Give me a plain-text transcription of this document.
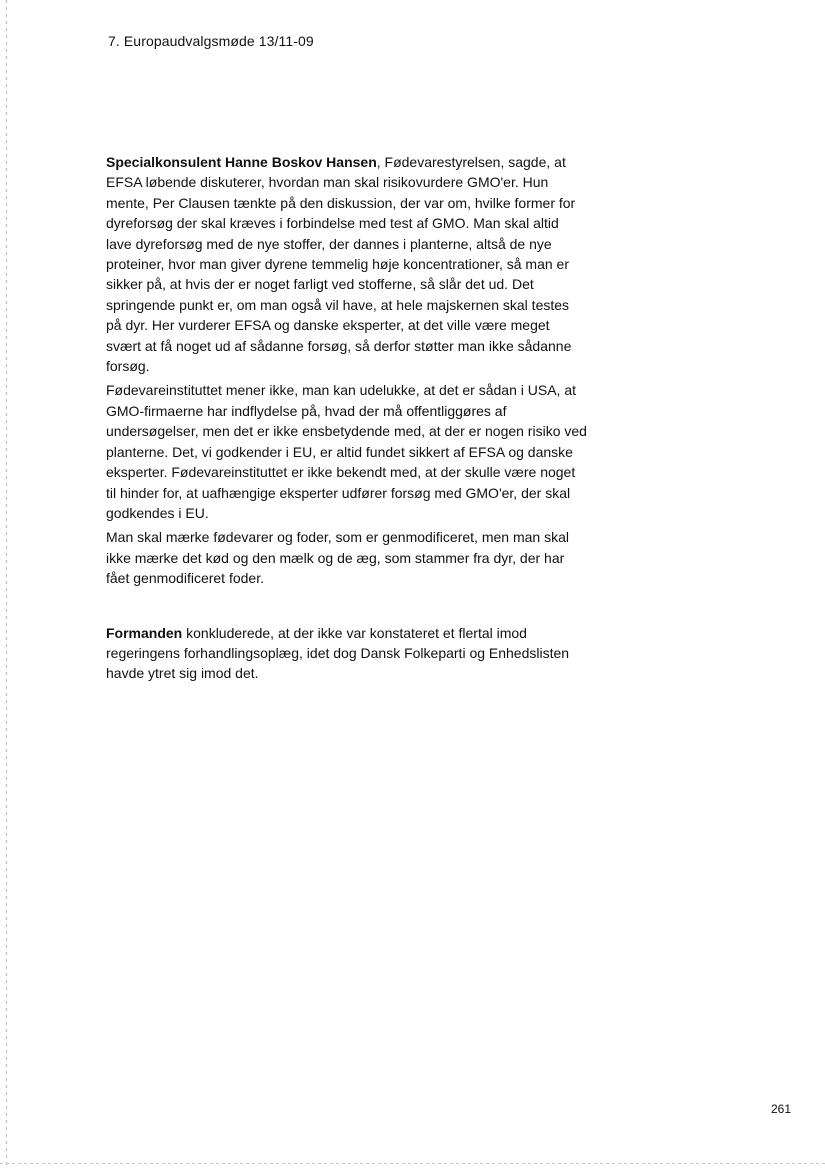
7. Europaudvalgsmøde 13/11-09

Specialkonsulent Hanne Boskov Hansen, Fødevarestyrelsen, sagde, at EFSA løbende diskuterer, hvordan man skal risikovurdere GMO'er. Hun mente, Per Clausen tænkte på den diskussion, der var om, hvilke former for dyreforsøg der skal kræves i forbindelse med test af GMO. Man skal altid lave dyreforsøg med de nye stoffer, der dannes i planterne, altså de nye proteiner, hvor man giver dyrene temmelig høje koncentrationer, så man er sikker på, at hvis der er noget farligt ved stofferne, så slår det ud. Det springende punkt er, om man også vil have, at hele majskernen skal testes på dyr. Her vurderer EFSA og danske eksperter, at det ville være meget svært at få noget ud af sådanne forsøg, så derfor støtter man ikke sådanne forsøg.

Fødevareinstituttet mener ikke, man kan udelukke, at det er sådan i USA, at GMO-firmaerne har indflydelse på, hvad der må offentliggøres af undersøgelser, men det er ikke ensbetydende med, at der er nogen risiko ved planterne. Det, vi godkender i EU, er altid fundet sikkert af EFSA og danske eksperter. Fødevareinstituttet er ikke bekendt med, at der skulle være noget til hinder for, at uafhængige eksperter udfører forsøg med GMO'er, der skal godkendes i EU.

Man skal mærke fødevarer og foder, som er genmodificeret, men man skal ikke mærke det kød og den mælk og de æg, som stammer fra dyr, der har fået genmodificeret foder.

Formanden konkluderede, at der ikke var konstateret et flertal imod regeringens forhandlingsoplæg, idet dog Dansk Folkeparti og Enhedslisten havde ytret sig imod det.

261
